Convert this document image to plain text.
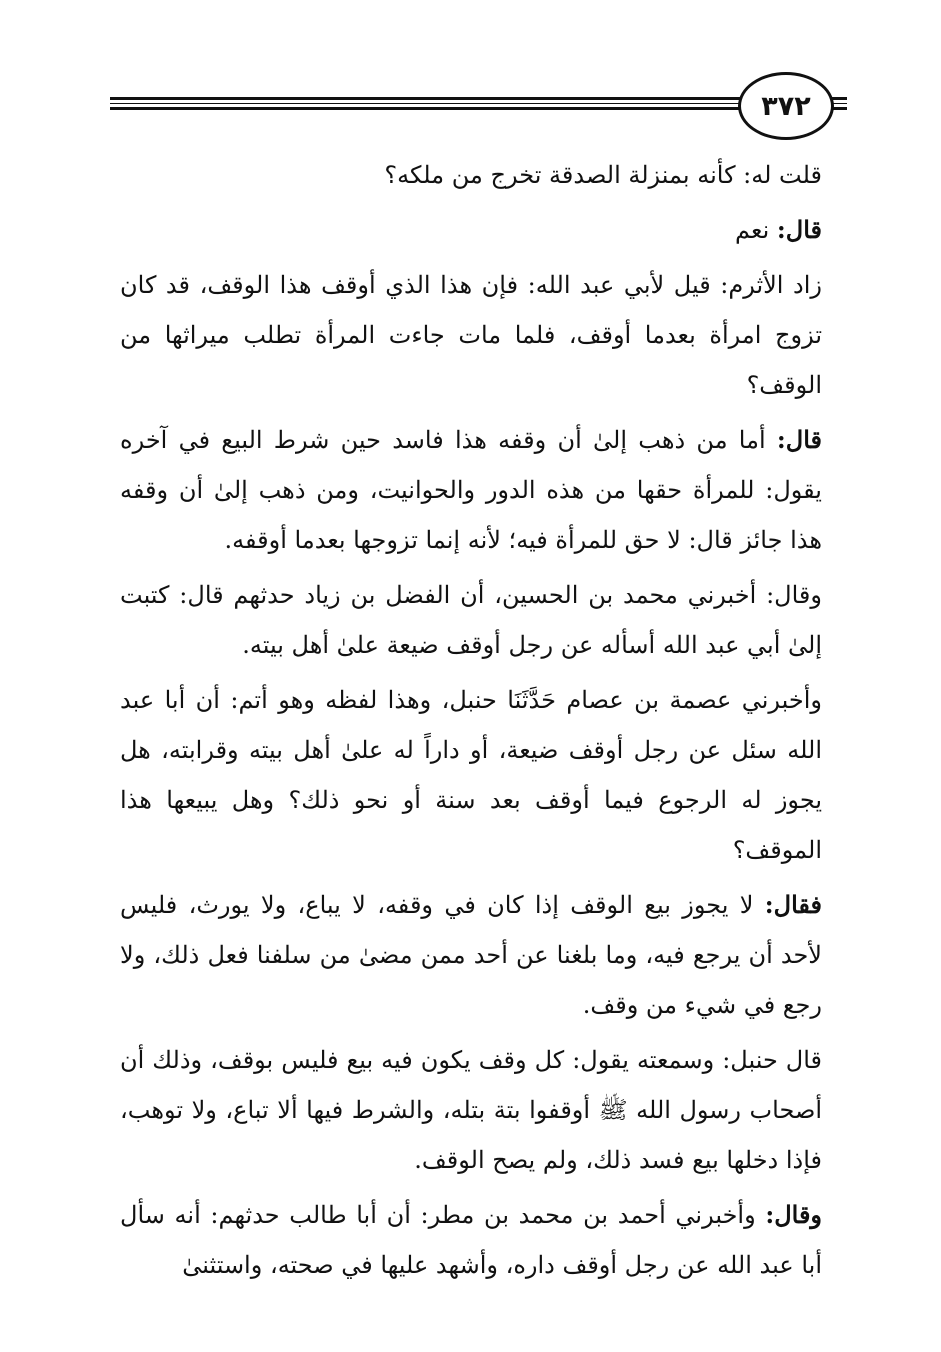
٣٧٢

قلت له: كأنه بمنزلة الصدقة تخرج من ملكه؟

قال: نعم

زاد الأثرم: قيل لأبي عبد الله: فإن هذا الذي أوقف هذا الوقف، قد كان تزوج امرأة بعدما أوقف، فلما مات جاءت المرأة تطلب ميراثها من الوقف؟

قال: أما من ذهب إلىٰ أن وقفه هذا فاسد حين شرط البيع في آخره يقول: للمرأة حقها من هذه الدور والحوانيت، ومن ذهب إلىٰ أن وقفه هذا جائز قال: لا حق للمرأة فيه؛ لأنه إنما تزوجها بعدما أوقفه.

وقال: أخبرني محمد بن الحسين، أن الفضل بن زياد حدثهم قال: كتبت إلىٰ أبي عبد الله أسأله عن رجل أوقف ضيعة علىٰ أهل بيته.

وأخبرني عصمة بن عصام حَدَّثَنَا حنبل، وهذا لفظه وهو أتم: أن أبا عبد الله سئل عن رجل أوقف ضيعة، أو داراً له علىٰ أهل بيته وقرابته، هل يجوز له الرجوع فيما أوقف بعد سنة أو نحو ذلك؟ وهل يبيعها هذا الموقف؟

فقال: لا يجوز بيع الوقف إذا كان في وقفه، لا يباع، ولا يورث، فليس لأحد أن يرجع فيه، وما بلغنا عن أحد ممن مضىٰ من سلفنا فعل ذلك، ولا رجع في شيء من وقف.

قال حنبل: وسمعته يقول: كل وقف يكون فيه بيع فليس بوقف، وذلك أن أصحاب رسول الله ﷺ أوقفوا بتة بتله، والشرط فيها ألا تباع، ولا توهب، فإذا دخلها بيع فسد ذلك، ولم يصح الوقف.

وقال: وأخبرني أحمد بن محمد بن مطر: أن أبا طالب حدثهم: أنه سأل أبا عبد الله عن رجل أوقف داره، وأشهد عليها في صحته، واستثنىٰ
